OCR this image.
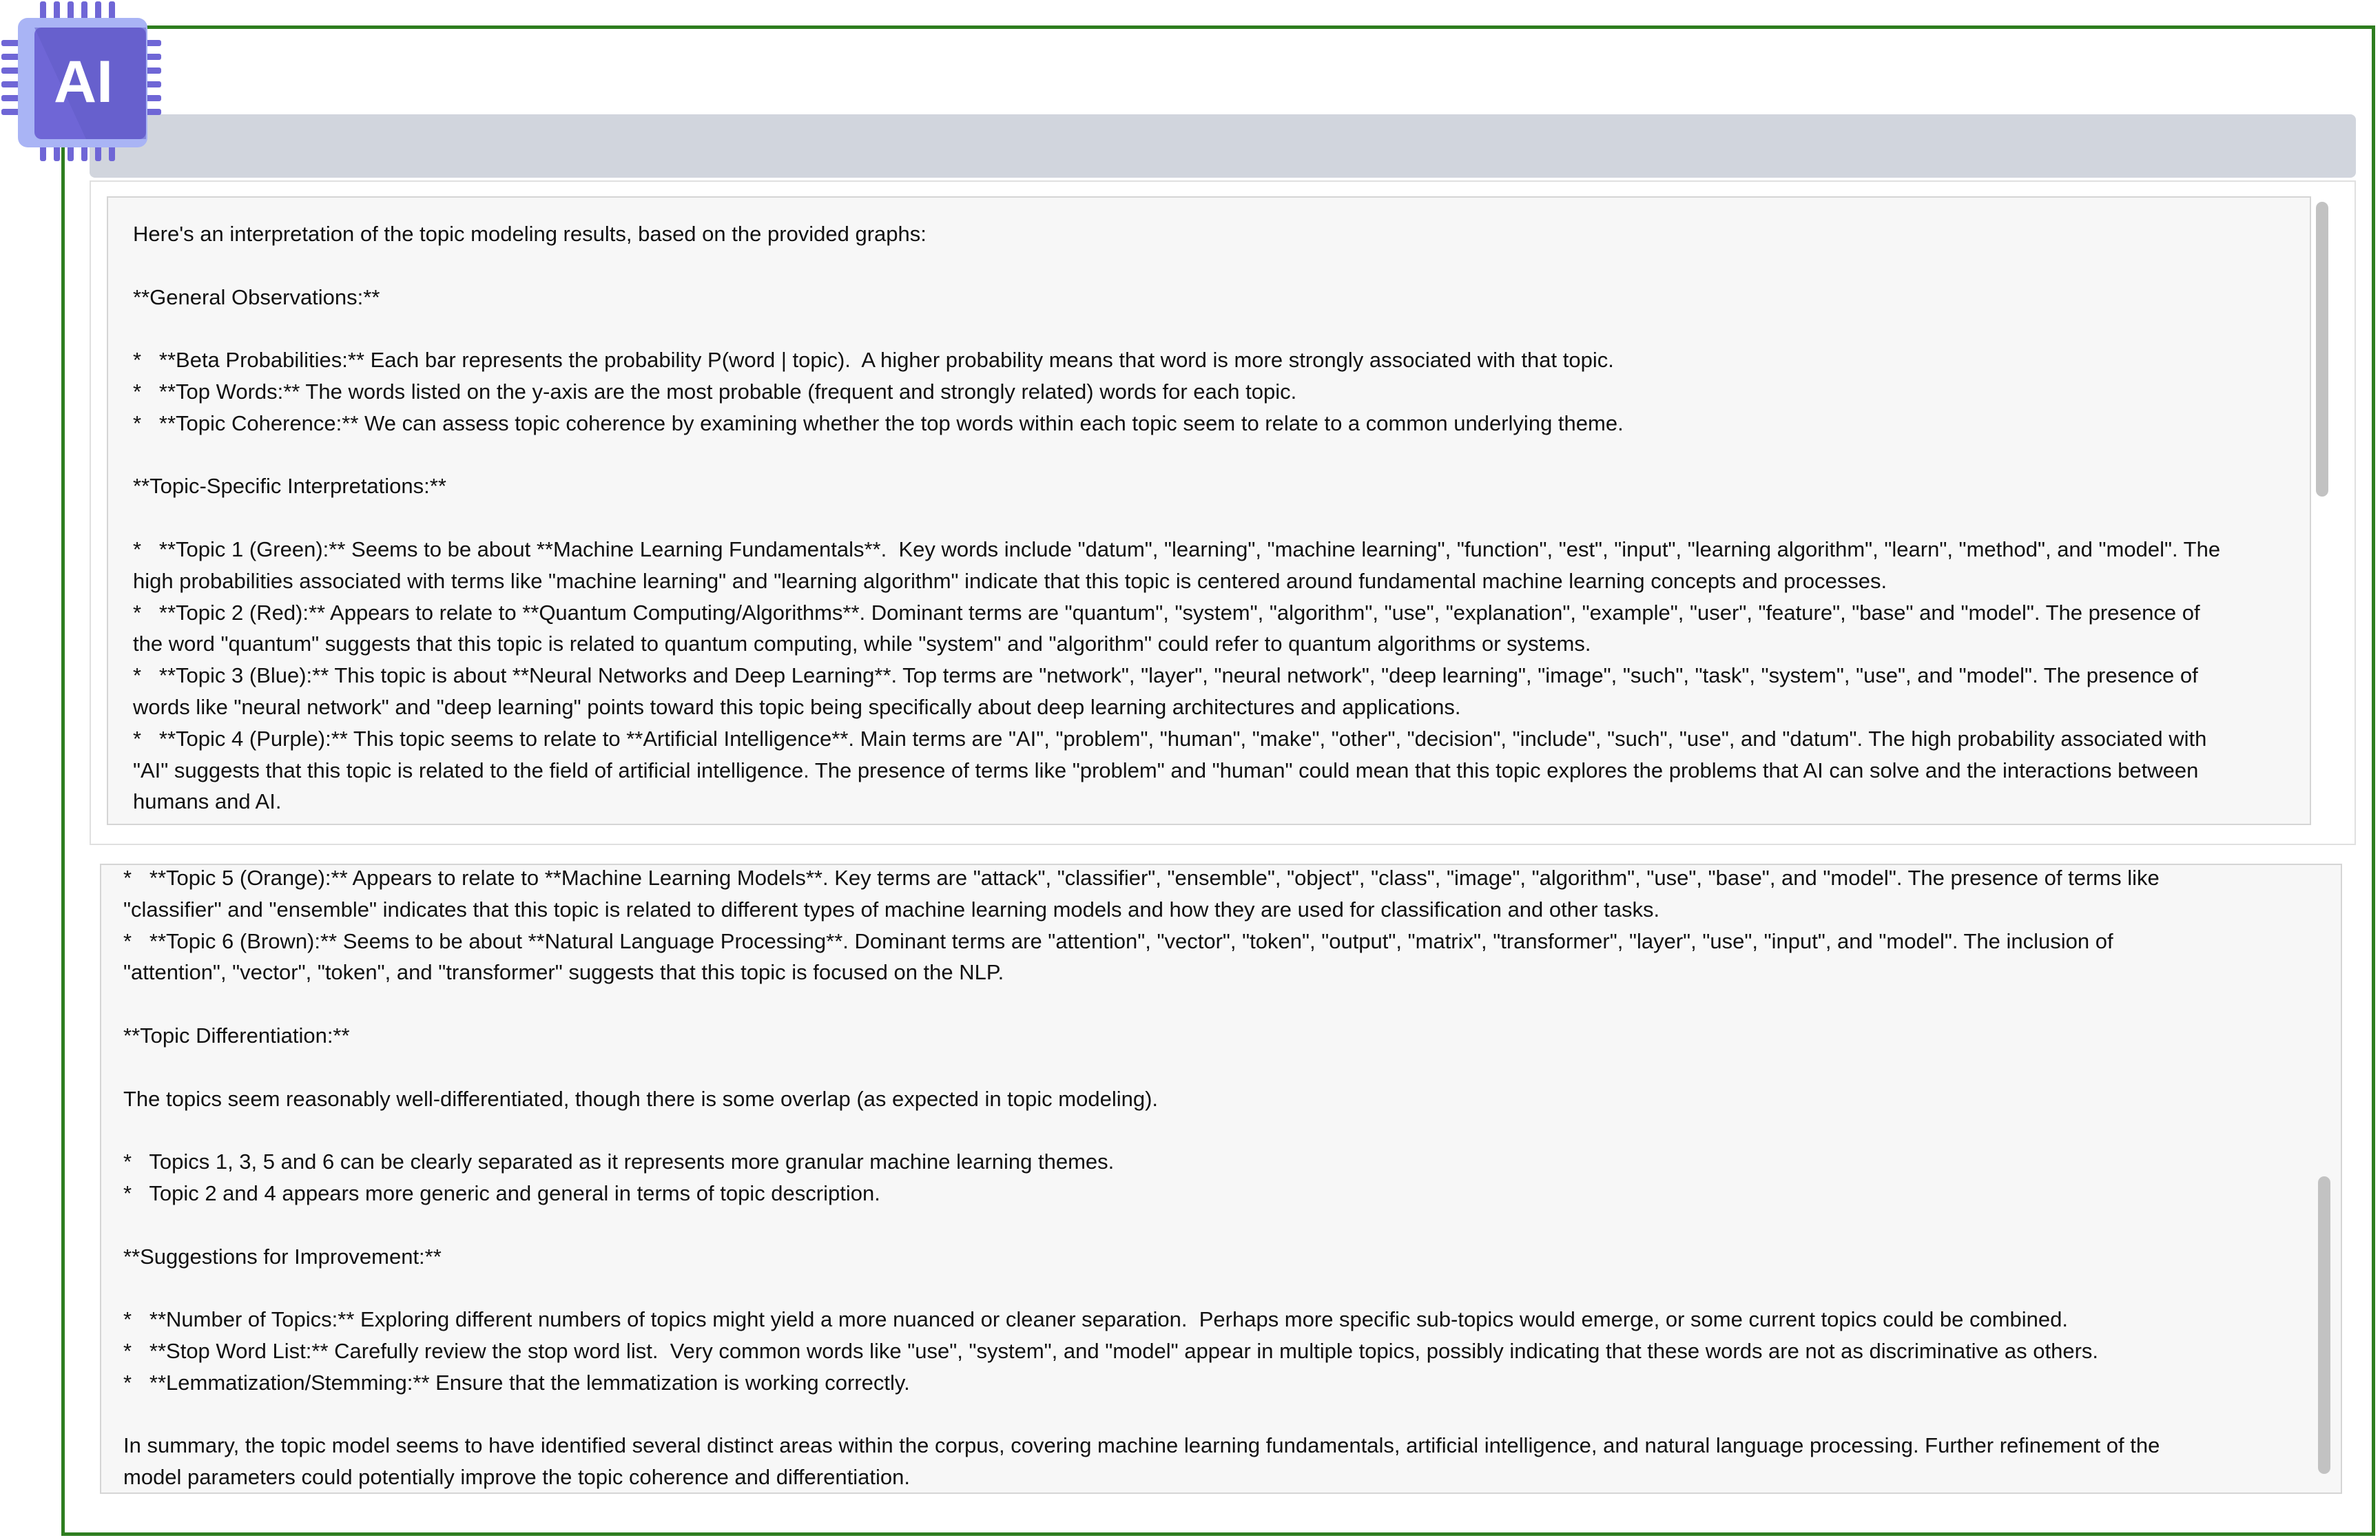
Here's an interpretation of the topic modeling results, based on the provided graphs:
**General Observations:**
*   **Beta Probabilities:** Each bar represents the probability P(word | topic).  A higher probability means that word is more strongly associated with that topic.
*   **Top Words:** The words listed on the y-axis are the most probable (frequent and strongly related) words for each topic.
*   **Topic Coherence:** We can assess topic coherence by examining whether the top words within each topic seem to relate to a common underlying theme.
**Topic-Specific Interpretations:**
*   **Topic 1 (Green):** Seems to be about **Machine Learning Fundamentals**.  Key words include "datum", "learning", "machine learning", "function", "est", "input", "learning algorithm", "learn", "method", and "model". The
high probabilities associated with terms like "machine learning" and "learning algorithm" indicate that this topic is centered around fundamental machine learning concepts and processes.
*   **Topic 2 (Red):** Appears to relate to **Quantum Computing/Algorithms**. Dominant terms are "quantum", "system", "algorithm", "use", "explanation", "example", "user", "feature", "base" and "model". The presence of
the word "quantum" suggests that this topic is related to quantum computing, while "system" and "algorithm" could refer to quantum algorithms or systems.
*   **Topic 3 (Blue):** This topic is about **Neural Networks and Deep Learning**. Top terms are "network", "layer", "neural network", "deep learning", "image", "such", "task", "system", "use", and "model". The presence of
words like "neural network" and "deep learning" points toward this topic being specifically about deep learning architectures and applications.
*   **Topic 4 (Purple):** This topic seems to relate to **Artificial Intelligence**. Main terms are "AI", "problem", "human", "make", "other", "decision", "include", "such", "use", and "datum". The high probability associated with
"AI" suggests that this topic is related to the field of artificial intelligence. The presence of terms like "problem" and "human" could mean that this topic explores the problems that AI can solve and the interactions between
humans and AI.
*   **Topic 5 (Orange):** Appears to relate to **Machine Learning Models**. Key terms are "attack", "classifier", "ensemble", "object", "class", "image", "algorithm", "use", "base", and "model". The presence of terms like
"classifier" and "ensemble" indicates that this topic is related to different types of machine learning models and how they are used for classification and other tasks.
*   **Topic 6 (Brown):** Seems to be about **Natural Language Processing**. Dominant terms are "attention", "vector", "token", "output", "matrix", "transformer", "layer", "use", "input", and "model". The inclusion of
"attention", "vector", "token", and "transformer" suggests that this topic is focused on the NLP.
**Topic Differentiation:**
The topics seem reasonably well-differentiated, though there is some overlap (as expected in topic modeling).
*   Topics 1, 3, 5 and 6 can be clearly separated as it represents more granular machine learning themes.
*   Topic 2 and 4 appears more generic and general in terms of topic description.
**Suggestions for Improvement:**
*   **Number of Topics:** Exploring different numbers of topics might yield a more nuanced or cleaner separation.  Perhaps more specific sub-topics would emerge, or some current topics could be combined.
*   **Stop Word List:** Carefully review the stop word list.  Very common words like "use", "system", and "model" appear in multiple topics, possibly indicating that these words are not as discriminative as others.
*   **Lemmatization/Stemming:** Ensure that the lemmatization is working correctly.
In summary, the topic model seems to have identified several distinct areas within the corpus, covering machine learning fundamentals, artificial intelligence, and natural language processing. Further refinement of the
model parameters could potentially improve the topic coherence and differentiation.
AI
